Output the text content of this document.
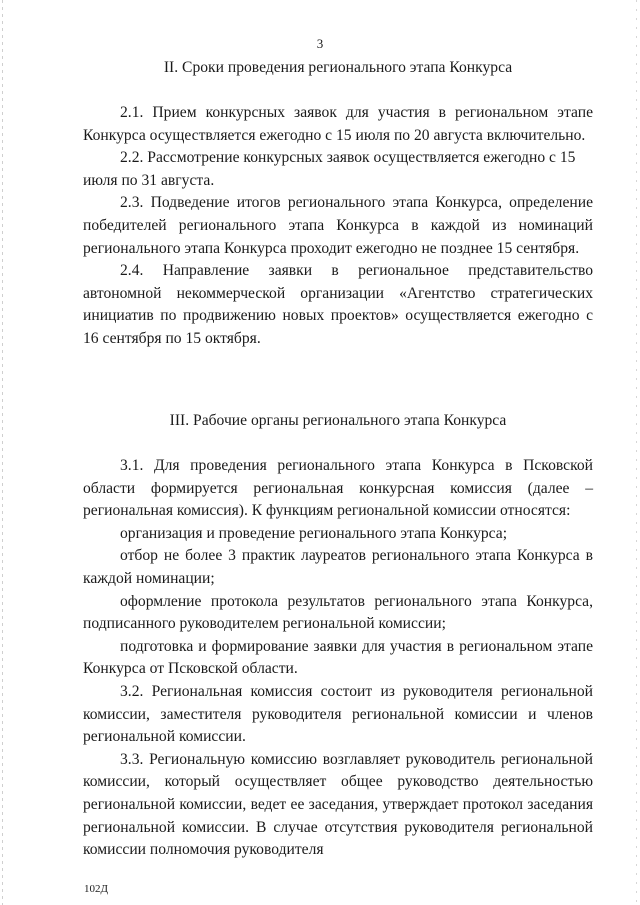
3
II. Сроки проведения регионального этапа Конкурса

2.1. Прием конкурсных заявок для участия в региональном этапе Конкурса осуществляется ежегодно с 15 июля по 20 августа включительно.

2.2. Рассмотрение конкурсных заявок осуществляется ежегодно с 15 июля по 31 августа.

2.3. Подведение итогов регионального этапа Конкурса, определение победителей регионального этапа Конкурса в каждой из номинаций регионального этапа Конкурса проходит ежегодно не позднее 15 сентября.

2.4. Направление заявки в региональное представительство автономной некоммерческой организации «Агентство стратегических инициатив по продвижению новых проектов» осуществляется ежегодно с 16 сентября по 15 октября.

III. Рабочие органы регионального этапа Конкурса

3.1. Для проведения регионального этапа Конкурса в Псковской области формируется региональная конкурсная комиссия (далее – региональная комиссия). К функциям региональной комиссии относятся:

организация и проведение регионального этапа Конкурса;

отбор не более 3 практик лауреатов регионального этапа Конкурса в каждой номинации;

оформление протокола результатов регионального этапа Конкурса, подписанного руководителем региональной комиссии;

подготовка и формирование заявки для участия в региональном этапе Конкурса от Псковской области.

3.2. Региональная комиссия состоит из руководителя региональной комиссии, заместителя руководителя региональной комиссии и членов региональной комиссии.

3.3. Региональную комиссию возглавляет руководитель региональной комиссии, который осуществляет общее руководство деятельностью региональной комиссии, ведет ее заседания, утверждает протокол заседания региональной комиссии. В случае отсутствия руководителя региональной комиссии полномочия руководителя

102Д
